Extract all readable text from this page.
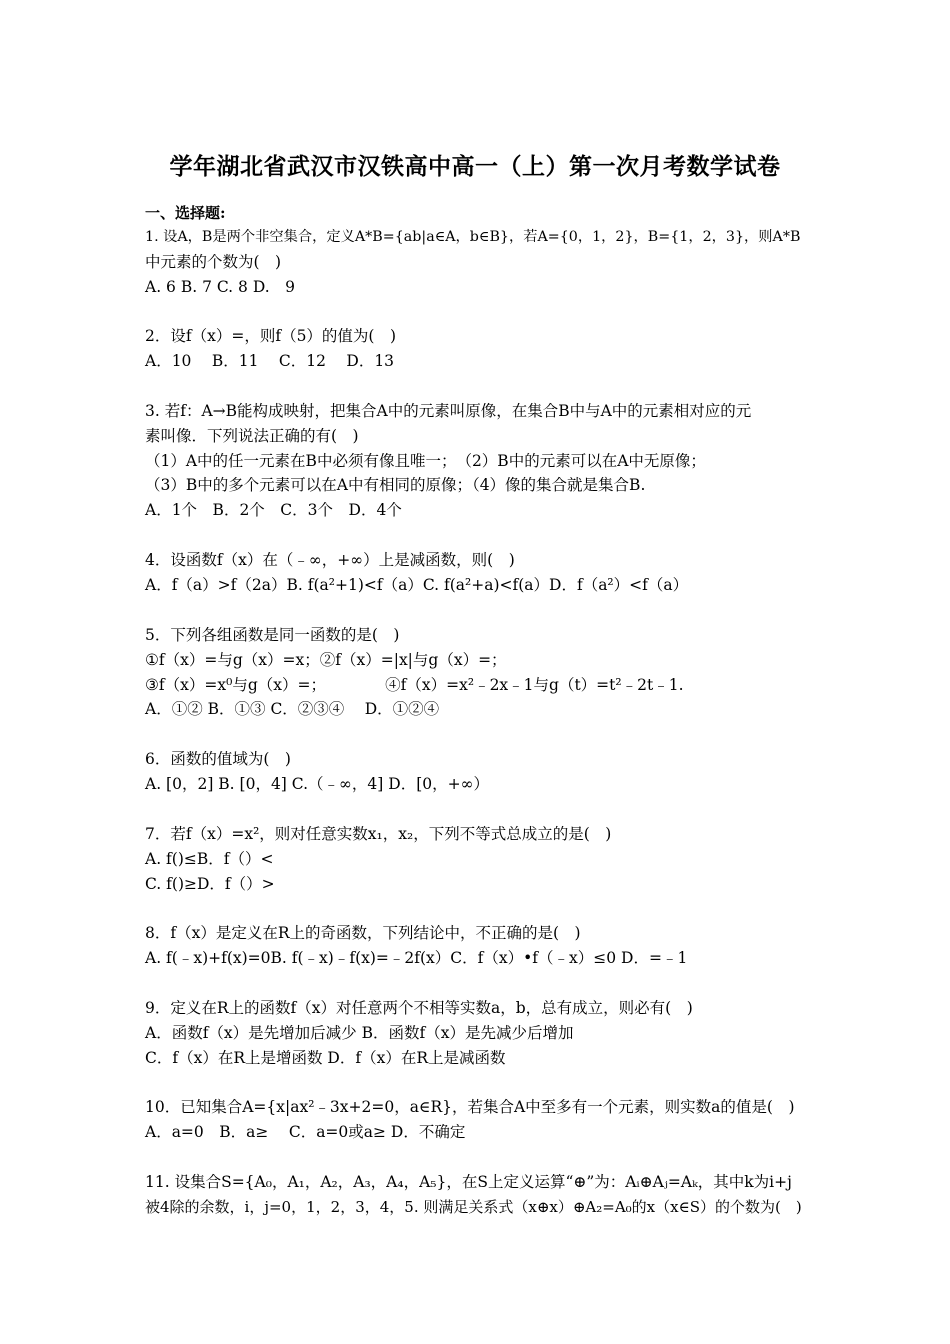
学年湖北省武汉市汉铁高中高一（上）第一次月考数学试卷
一、选择题:
1. 设A，B是两个非空集合，定义A*B={ab|a∈A，b∈B}，若A={0，1，2}，B={1，2，3}，则A*B
中元素的个数为(　)
A. 6 B. 7 C. 8 D.　9
2．设f（x）=，则f（5）的值为(　)
A．10　 B．11　 C．12　 D．13
3. 若f：A→B能构成映射，把集合A中的元素叫原像，在集合B中与A中的元素相对应的元
素叫像．下列说法正确的有(　)
（1）A中的任一元素在B中必须有像且唯一；　（2）B中的元素可以在A中无原像；
（3）B中的多个元素可以在A中有相同的原像；（4）像的集合就是集合B.
A．1个　B．2个　C．3个　D．4个
4．设函数f（x）在（﹣∞，+∞）上是减函数，则(　)
A．f（a）>f（2a）B. f(a²+1)<f（a）C. f(a²+a)<f(a）D．f（a²）<f（a）
5．下列各组函数是同一函数的是(　)
①f（x）=与g（x）=x；②f（x）=|x|与g（x）=；
③f（x）=x⁰与g（x）=；　　　　 ④f（x）=x²﹣2x﹣1与g（t）=t²﹣2t﹣1.
A．①② B．①③ C．②③④　 D．①②④
6．函数的值域为(　)
A. [0，2] B. [0，4] C.（﹣∞，4] D．[0，+∞）
7．若f（x）=x²，则对任意实数x₁，x₂，下列不等式总成立的是(　)
A. f()≤B．f（）<
C. f()≥D．f（）>
8．f（x）是定义在R上的奇函数，下列结论中，不正确的是(　)
A. f(﹣x)+f(x)=0B. f(﹣x)﹣f(x)=﹣2f(x）C．f（x）•f（﹣x）≤0 D．=﹣1
9．定义在R上的函数f（x）对任意两个不相等实数a，b，总有成立，则必有(　)
A．函数f（x）是先增加后减少 B．函数f（x）是先减少后增加
C．f（x）在R上是增函数 D．f（x）在R上是减函数
10．已知集合A={x|ax²﹣3x+2=0，a∈R}，若集合A中至多有一个元素，则实数a的值是(　)
A．a=0　B．a≥　 C．a=0或a≥ D．不确定
11. 设集合S={A₀，A₁，A₂，A₃，A₄，A₅}，在S上定义运算“⊕”为：Aᵢ⊕Aⱼ=Aₖ，其中k为i+j
被4除的余数，i，j=0，1，2，3，4，5. 则满足关系式（x⊕x）⊕A₂=A₀的x（x∈S）的个数为(　)
